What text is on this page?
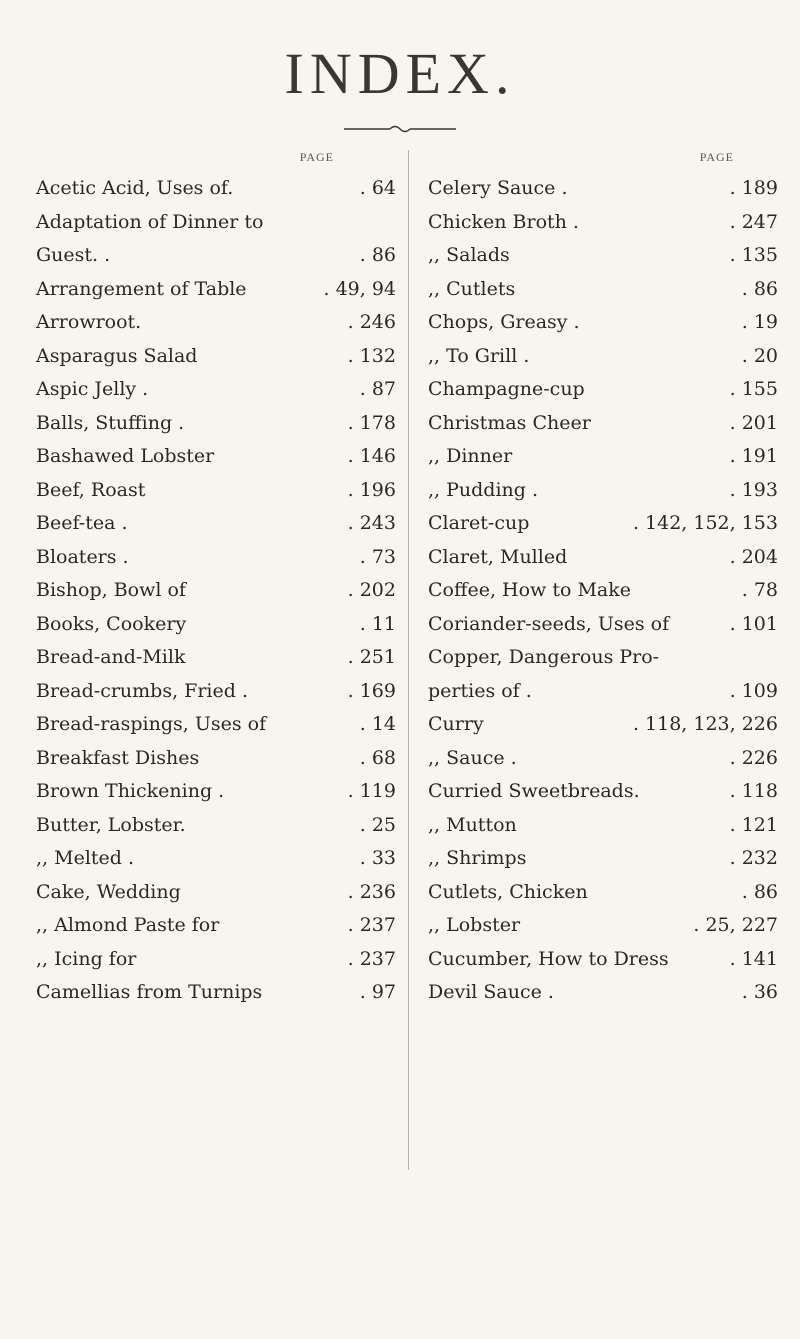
INDEX.
PAGE
Acetic Acid, Uses of.	. 64
Adaptation of Dinner to
Guest. .	. 86
Arrangement of Table	. 49, 94
Arrowroot.	. 246
Asparagus Salad	. 132
Aspic Jelly .	. 87
Balls, Stuffing .	. 178
Bashawed Lobster	. 146
Beef, Roast	. 196
Beef-tea .	. 243
Bloaters .	. 73
Bishop, Bowl of	. 202
Books, Cookery	. 11
Bread-and-Milk	. 251
Bread-crumbs, Fried .	. 169
Bread-raspings, Uses of	. 14
Breakfast Dishes	. 68
Brown Thickening .	. 119
Butter, Lobster.	. 25
,, Melted .	. 33
Cake, Wedding	. 236
,, Almond Paste for	. 237
,, Icing for	. 237
Camellias from Turnips	. 97
PAGE
Celery Sauce .	. 189
Chicken Broth .	. 247
,, Salads	. 135
,, Cutlets	. 86
Chops, Greasy .	. 19
,, To Grill .	. 20
Champagne-cup	. 155
Christmas Cheer	. 201
,, Dinner	. 191
,, Pudding .	. 193
Claret-cup	. 142, 152, 153
Claret, Mulled	. 204
Coffee, How to Make	. 78
Coriander-seeds, Uses of	. 101
Copper, Dangerous Pro-
perties of .	. 109
Curry	. 118, 123, 226
,, Sauce .	. 226
Curried Sweetbreads.	. 118
,, Mutton	. 121
,, Shrimps	. 232
Cutlets, Chicken	. 86
,, Lobster	. 25, 227
Cucumber, How to Dress	. 141
Devil Sauce .	. 36
